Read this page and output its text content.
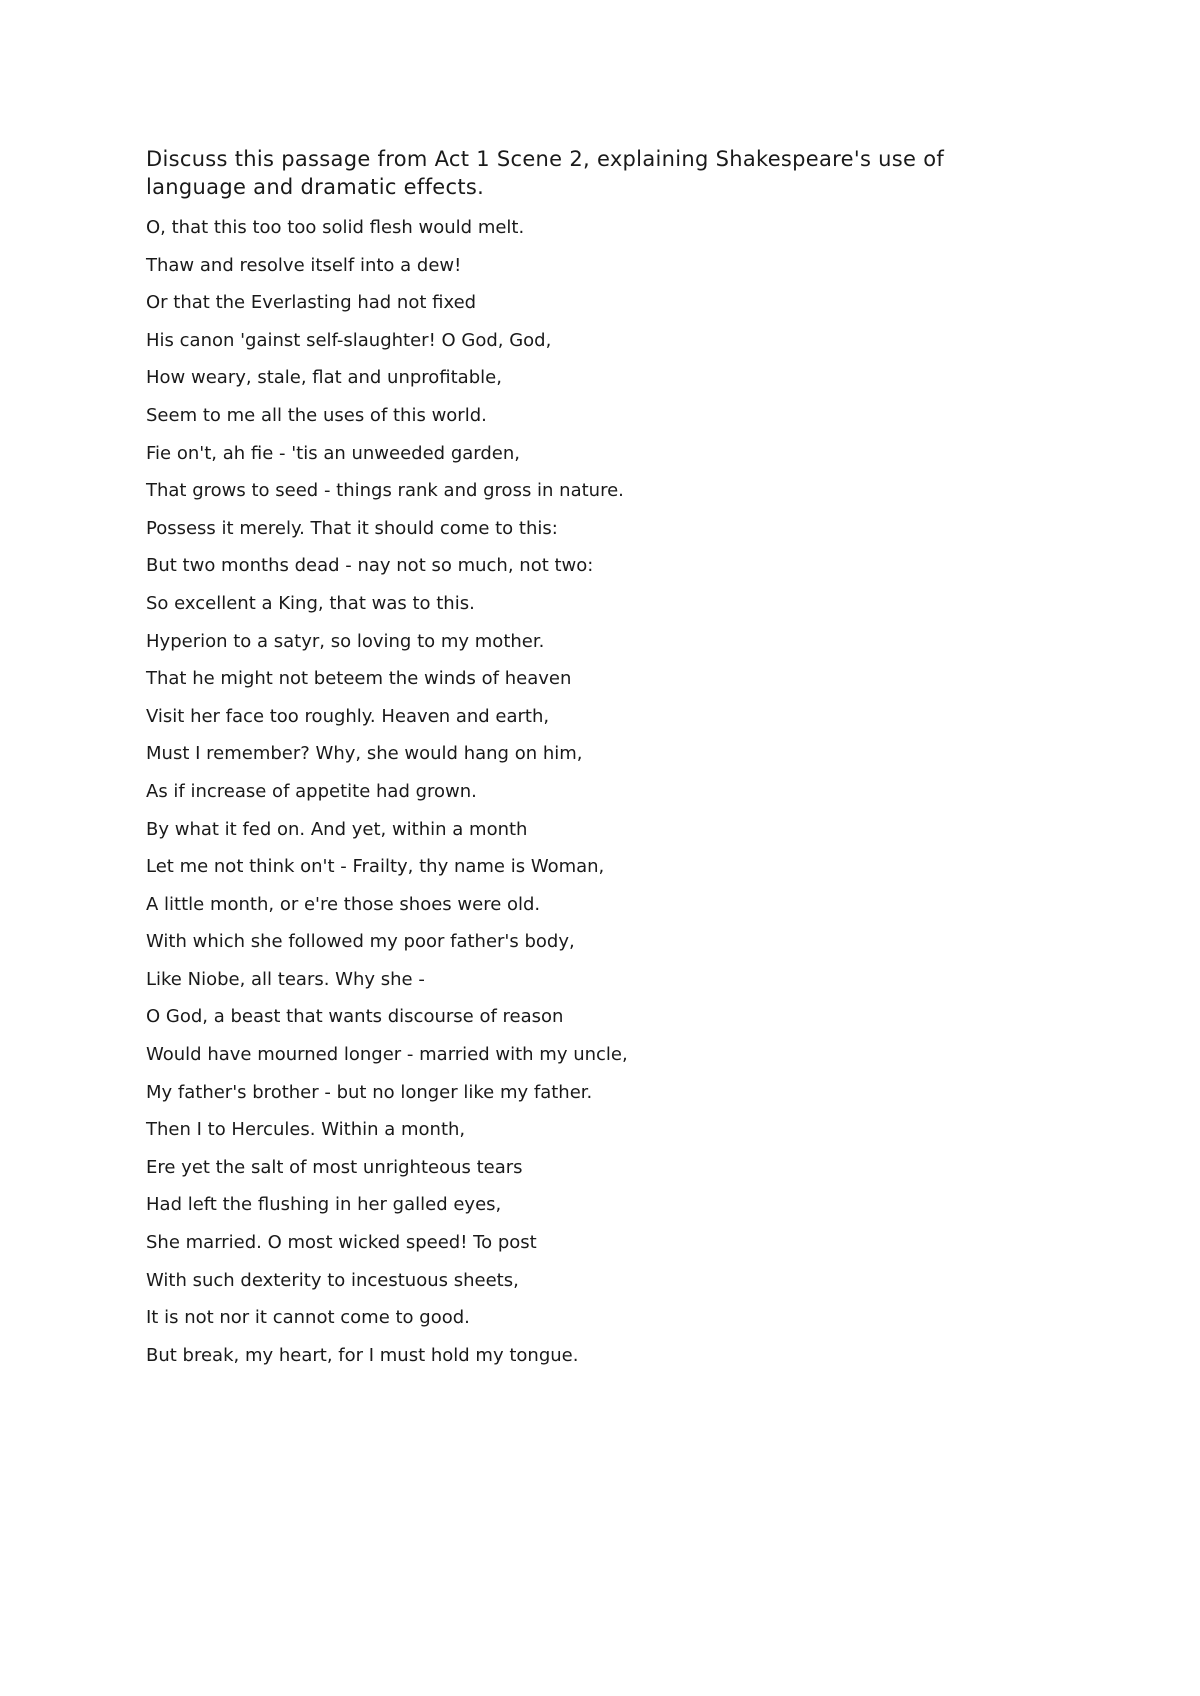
Discuss this passage from Act 1 Scene 2, explaining Shakespeare's use of
language and dramatic effects.
O, that this too too solid flesh would melt.
Thaw and resolve itself into a dew!
Or that the Everlasting had not fixed
His canon 'gainst self-slaughter! O God, God,
How weary, stale, flat and unprofitable,
Seem to me all the uses of this world.
Fie on't, ah fie - 'tis an unweeded garden,
That grows to seed - things rank and gross in nature.
Possess it merely. That it should come to this:
But two months dead - nay not so much, not two:
So excellent a King, that was to this.
Hyperion to a satyr, so loving to my mother.
That he might not beteem the winds of heaven
Visit her face too roughly. Heaven and earth,
Must I remember? Why, she would hang on him,
As if increase of appetite had grown.
By what it fed on. And yet, within a month
Let me not think on't - Frailty, thy name is Woman,
A little month, or e're those shoes were old.
With which she followed my poor father's body,
Like Niobe, all tears. Why she -
O God, a beast that wants discourse of reason
Would have mourned longer - married with my uncle,
My father's brother - but no longer like my father.
Then I to Hercules. Within a month,
Ere yet the salt of most unrighteous tears
Had left the flushing in her galled eyes,
She married. O most wicked speed! To post
With such dexterity to incestuous sheets,
It is not nor it cannot come to good.
But break, my heart, for I must hold my tongue.
